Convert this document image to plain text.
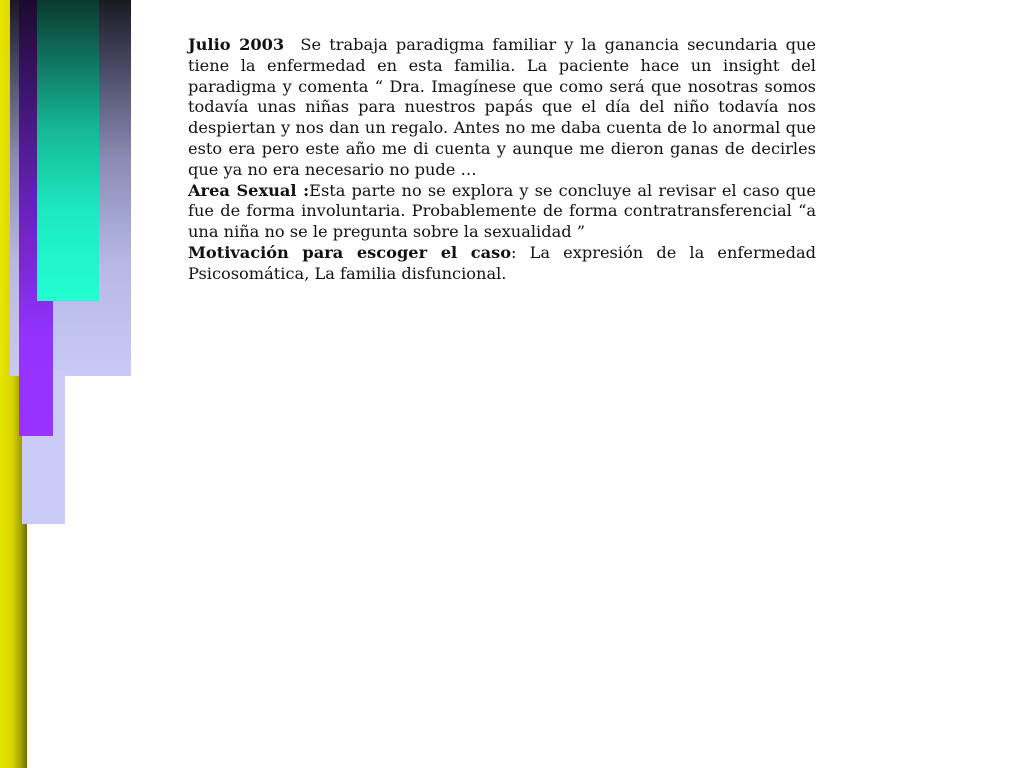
Julio 2003  Se trabaja paradigma familiar y la ganancia secundaria que tiene la enfermedad en esta familia. La paciente hace un insight del paradigma y comenta “ Dra. Imagínese que como será que nosotras somos todavía unas niñas para nuestros papás que el día del niño todavía nos despiertan y nos dan un regalo. Antes no me daba cuenta de lo anormal que esto era pero este año me di cuenta y aunque me dieron ganas de decirles que ya no era necesario no pude …

Area Sexual :Esta parte no se explora y se concluye al revisar el caso que fue de forma involuntaria. Probablemente de forma contratransferencial “a una niña no se le pregunta sobre la sexualidad ”

Motivación para escoger el caso: La expresión de la enfermedad Psicosomática, La familia disfuncional.
